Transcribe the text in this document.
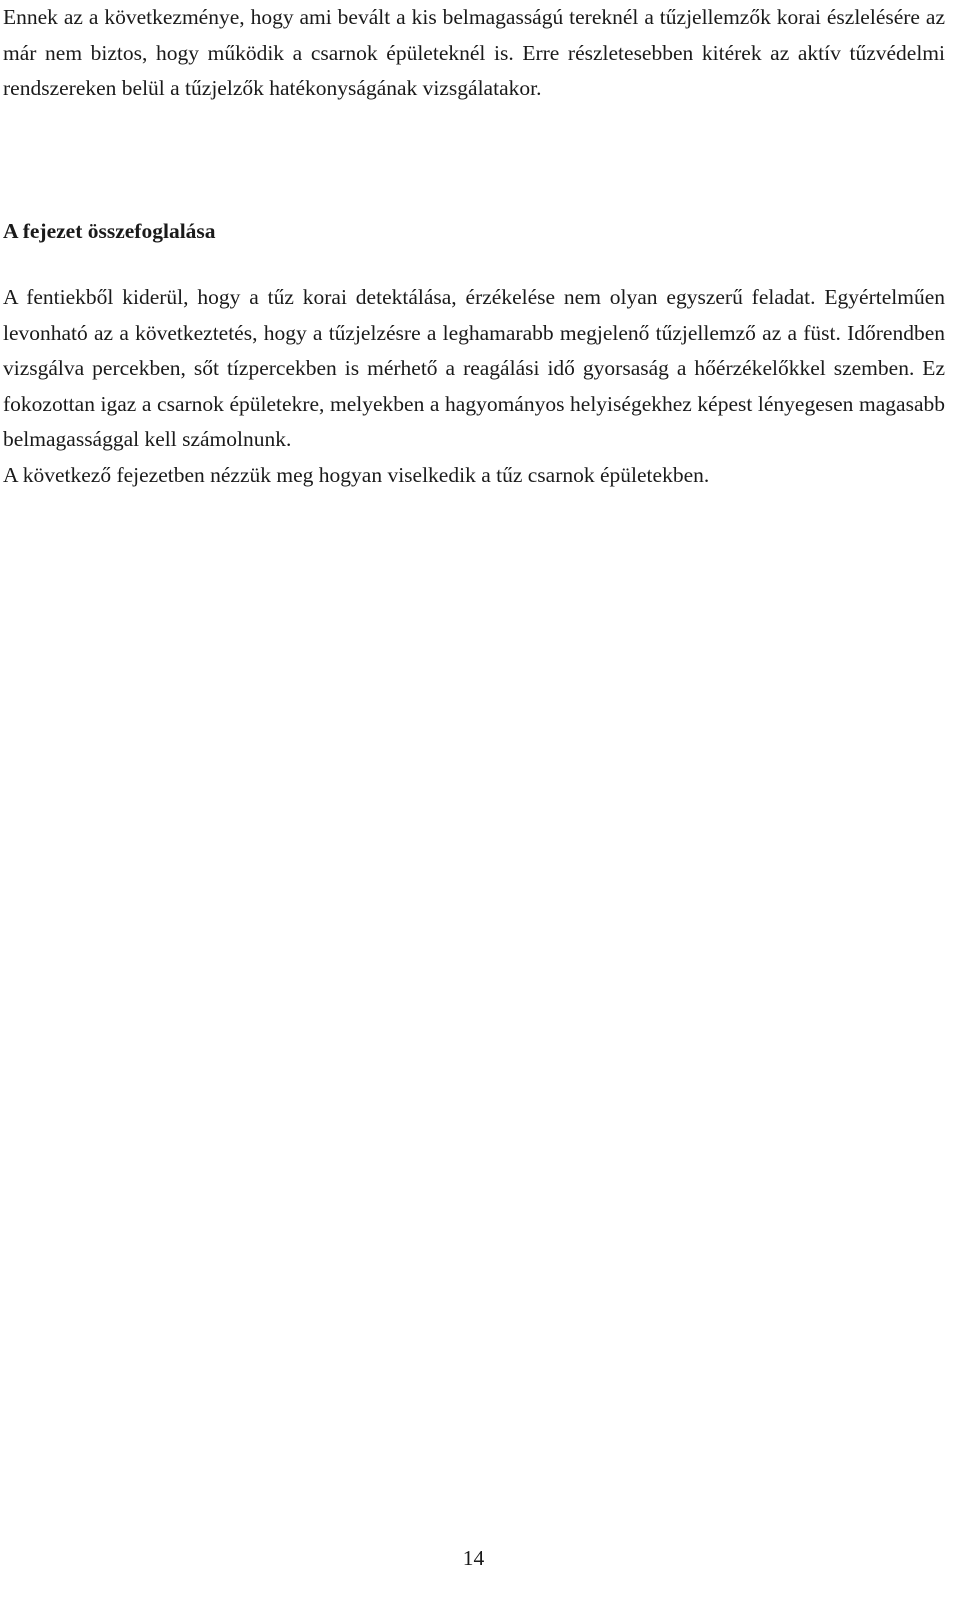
Ennek az a következménye, hogy ami bevált a kis belmagasságú tereknél a tűzjellemzők korai észlelésére az már nem biztos, hogy működik a csarnok épületeknél is. Erre részletesebben kitérek az aktív tűzvédelmi rendszereken belül a tűzjelzők hatékonyságának vizsgálatakor.

A fejezet összefoglalása

A fentiekből kiderül, hogy a tűz korai detektálása, érzékelése nem olyan egyszerű feladat. Egyértelműen levonható az a következtetés, hogy a tűzjelzésre a leghamarabb megjelenő tűzjellemző az a füst. Időrendben vizsgálva percekben, sőt tízpercekben is mérhető a reagálási idő gyorsaság a hőérzékelőkkel szemben. Ez fokozottan igaz a csarnok épületekre, melyekben a hagyományos helyiségekhez képest lényegesen magasabb belmagassággal kell számolnunk.

A következő fejezetben nézzük meg hogyan viselkedik a tűz csarnok épületekben.

14
